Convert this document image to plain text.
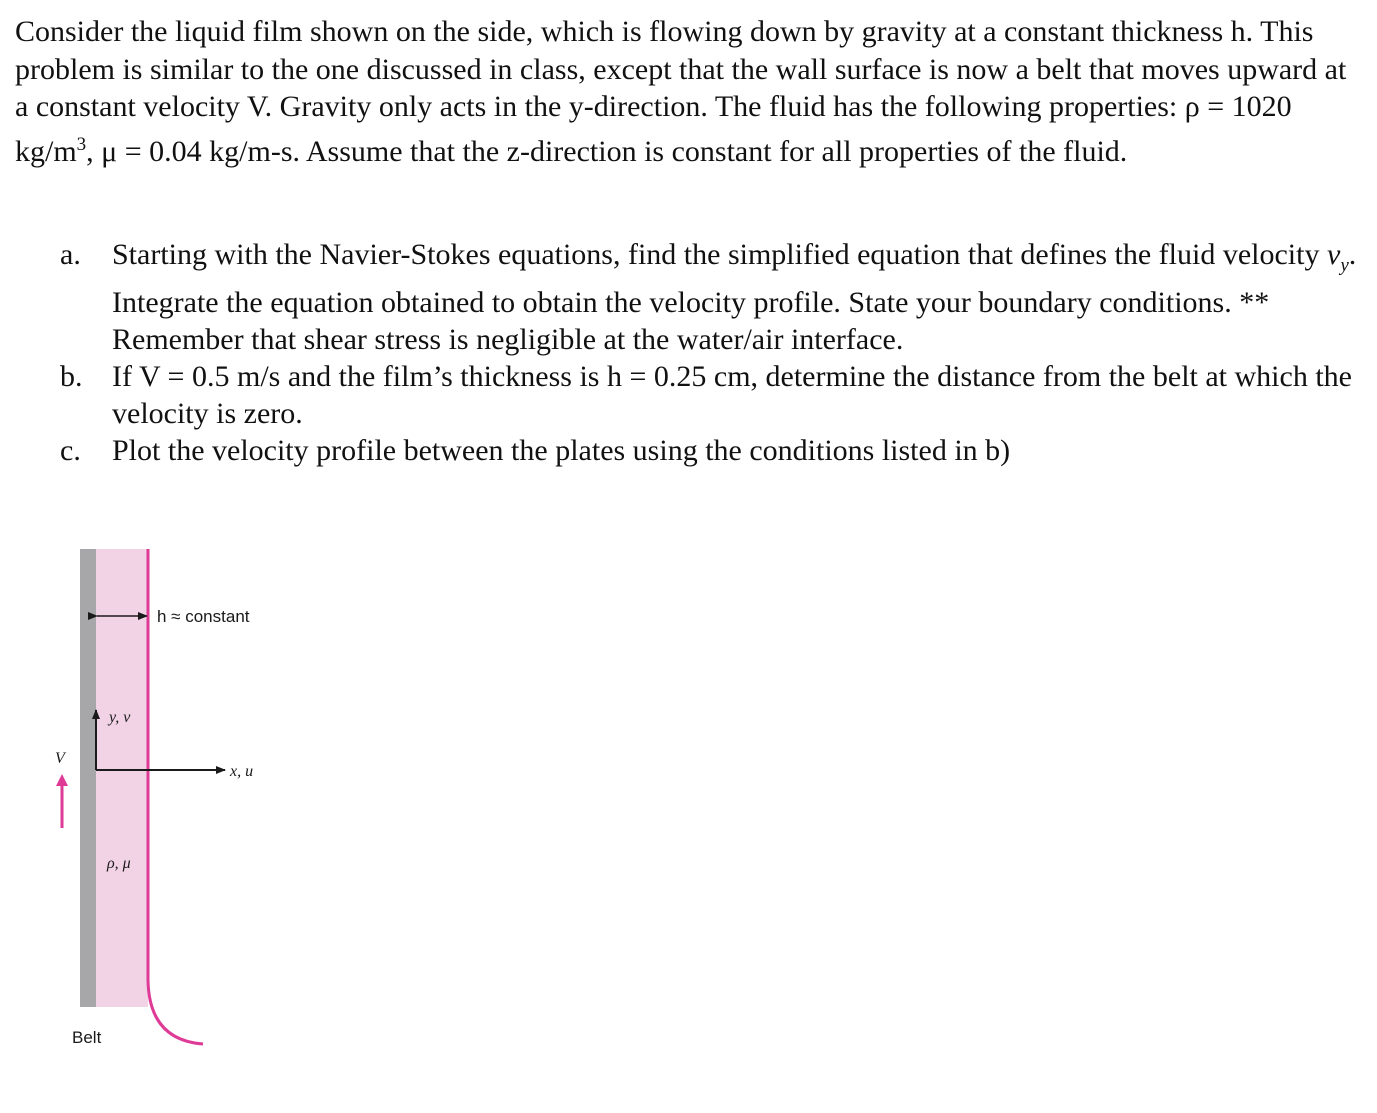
Consider the liquid film shown on the side, which is flowing down by gravity at a constant thickness h. This problem is similar to the one discussed in class, except that the wall surface is now a belt that moves upward at a constant velocity V. Gravity only acts in the y-direction. The fluid has the following properties: ρ = 1020 $kg/m^3$, μ = 0.04 kg/m-s. Assume that the z-direction is constant for all properties of the fluid.

a.	Starting with the Navier-Stokes equations, find the simplified equation that defines the fluid velocity $v_y$. Integrate the equation obtained to obtain the velocity profile. State your boundary conditions. ** Remember that shear stress is negligible at the water/air interface.
b. If V = 0.5 m/s and the film’s thickness is h = 0.25 cm, determine the distance from the belt at which the velocity is zero.
c.	Plot the velocity profile between the plates using the conditions listed in b)
h ≈ constant
y, v
x, u
V
ρ, μ
Belt
